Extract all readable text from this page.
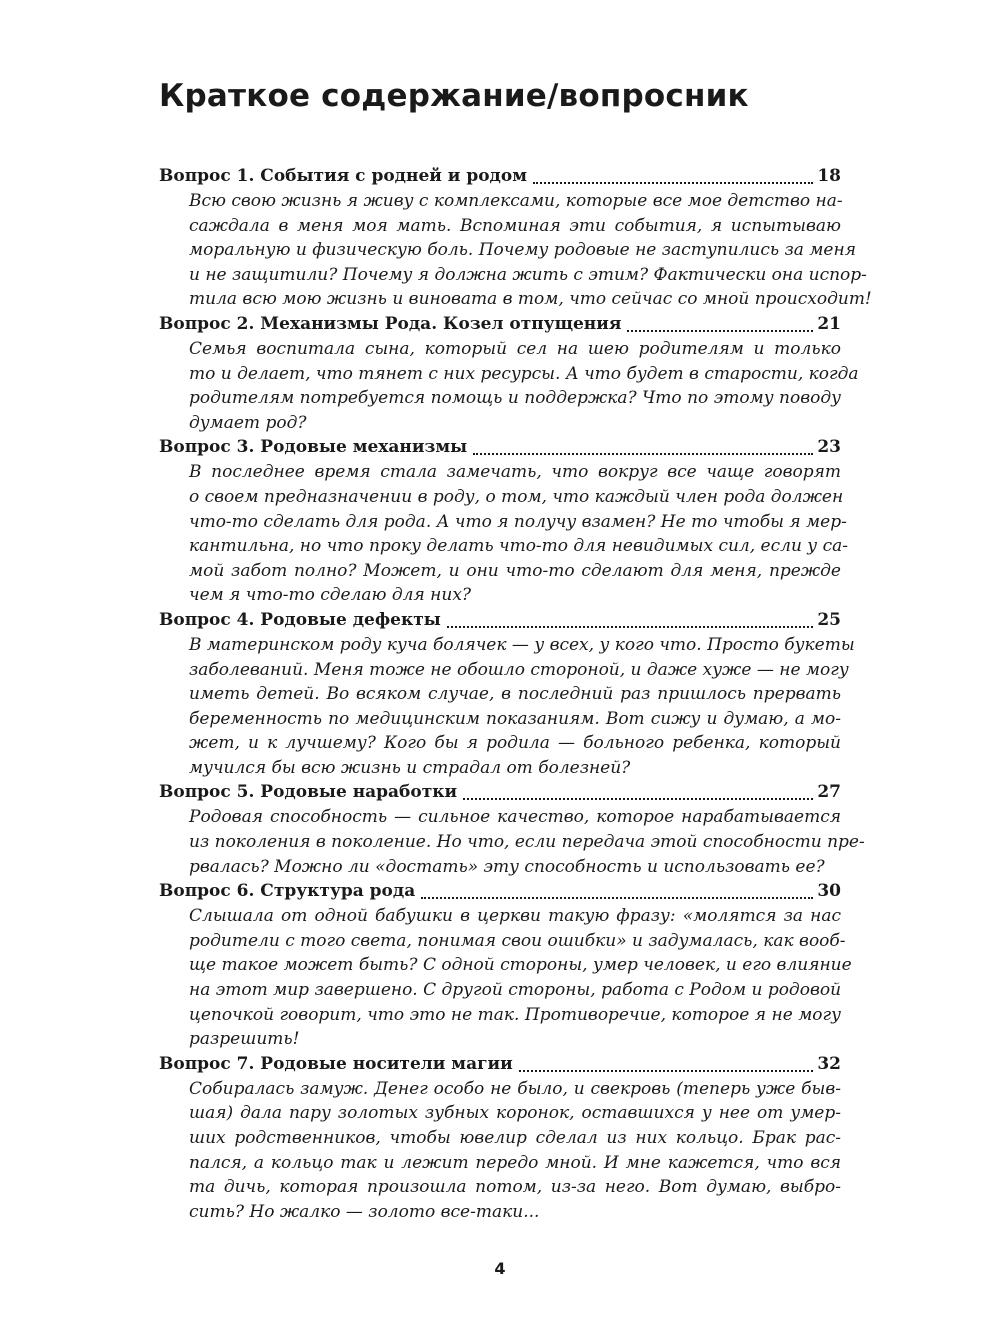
Краткое содержание/вопросник
Вопрос 1. События с родней и родом	18
Всю свою жизнь я живу с комплексами, которые все мое детство на-
саждала в меня моя мать. Вспоминая эти события, я испытываю
моральную и физическую боль. Почему родовые не заступились за меня
и не защитили? Почему я должна жить с этим? Фактически она испор-
тила всю мою жизнь и виновата в том, что сейчас со мной происходит!
Вопрос 2. Механизмы Рода. Козел отпущения	21
Семья воспитала сына, который сел на шею родителям и только
то и делает, что тянет с них ресурсы. А что будет в старости, когда
родителям потребуется помощь и поддержка? Что по этому поводу
думает род?
Вопрос 3. Родовые механизмы	23
В последнее время стала замечать, что вокруг все чаще говорят
о своем предназначении в роду, о том, что каждый член рода должен
что-то сделать для рода. А что я получу взамен? Не то чтобы я мер-
кантильна, но что проку делать что-то для невидимых сил, если у са-
мой забот полно? Может, и они что-то сделают для меня, прежде
чем я что-то сделаю для них?
Вопрос 4. Родовые дефекты	25
В материнском роду куча болячек — у всех, у кого что. Просто букеты
заболеваний. Меня тоже не обошло стороной, и даже хуже — не могу
иметь детей. Во всяком случае, в последний раз пришлось прервать
беременность по медицинским показаниям. Вот сижу и думаю, а мо-
жет, и к лучшему? Кого бы я родила — больного ребенка, который
мучился бы всю жизнь и страдал от болезней?
Вопрос 5. Родовые наработки	27
Родовая способность — сильное качество, которое нарабатывается
из поколения в поколение. Но что, если передача этой способности пре-
рвалась? Можно ли «достать» эту способность и использовать ее?
Вопрос 6. Структура рода	30
Слышала от одной бабушки в церкви такую фразу: «молятся за нас
родители с того света, понимая свои ошибки» и задумалась, как вооб-
ще такое может быть? С одной стороны, умер человек, и его влияние
на этот мир завершено. С другой стороны, работа с Родом и родовой
цепочкой говорит, что это не так. Противоречие, которое я не могу
разрешить!
Вопрос 7. Родовые носители магии	32
Собиралась замуж. Денег особо не было, и свекровь (теперь уже быв-
шая) дала пару золотых зубных коронок, оставшихся у нее от умер-
ших родственников, чтобы ювелир сделал из них кольцо. Брак рас-
пался, а кольцо так и лежит передо мной. И мне кажется, что вся
та дичь, которая произошла потом, из-за него. Вот думаю, выбро-
сить? Но жалко — золото все-таки...
4
